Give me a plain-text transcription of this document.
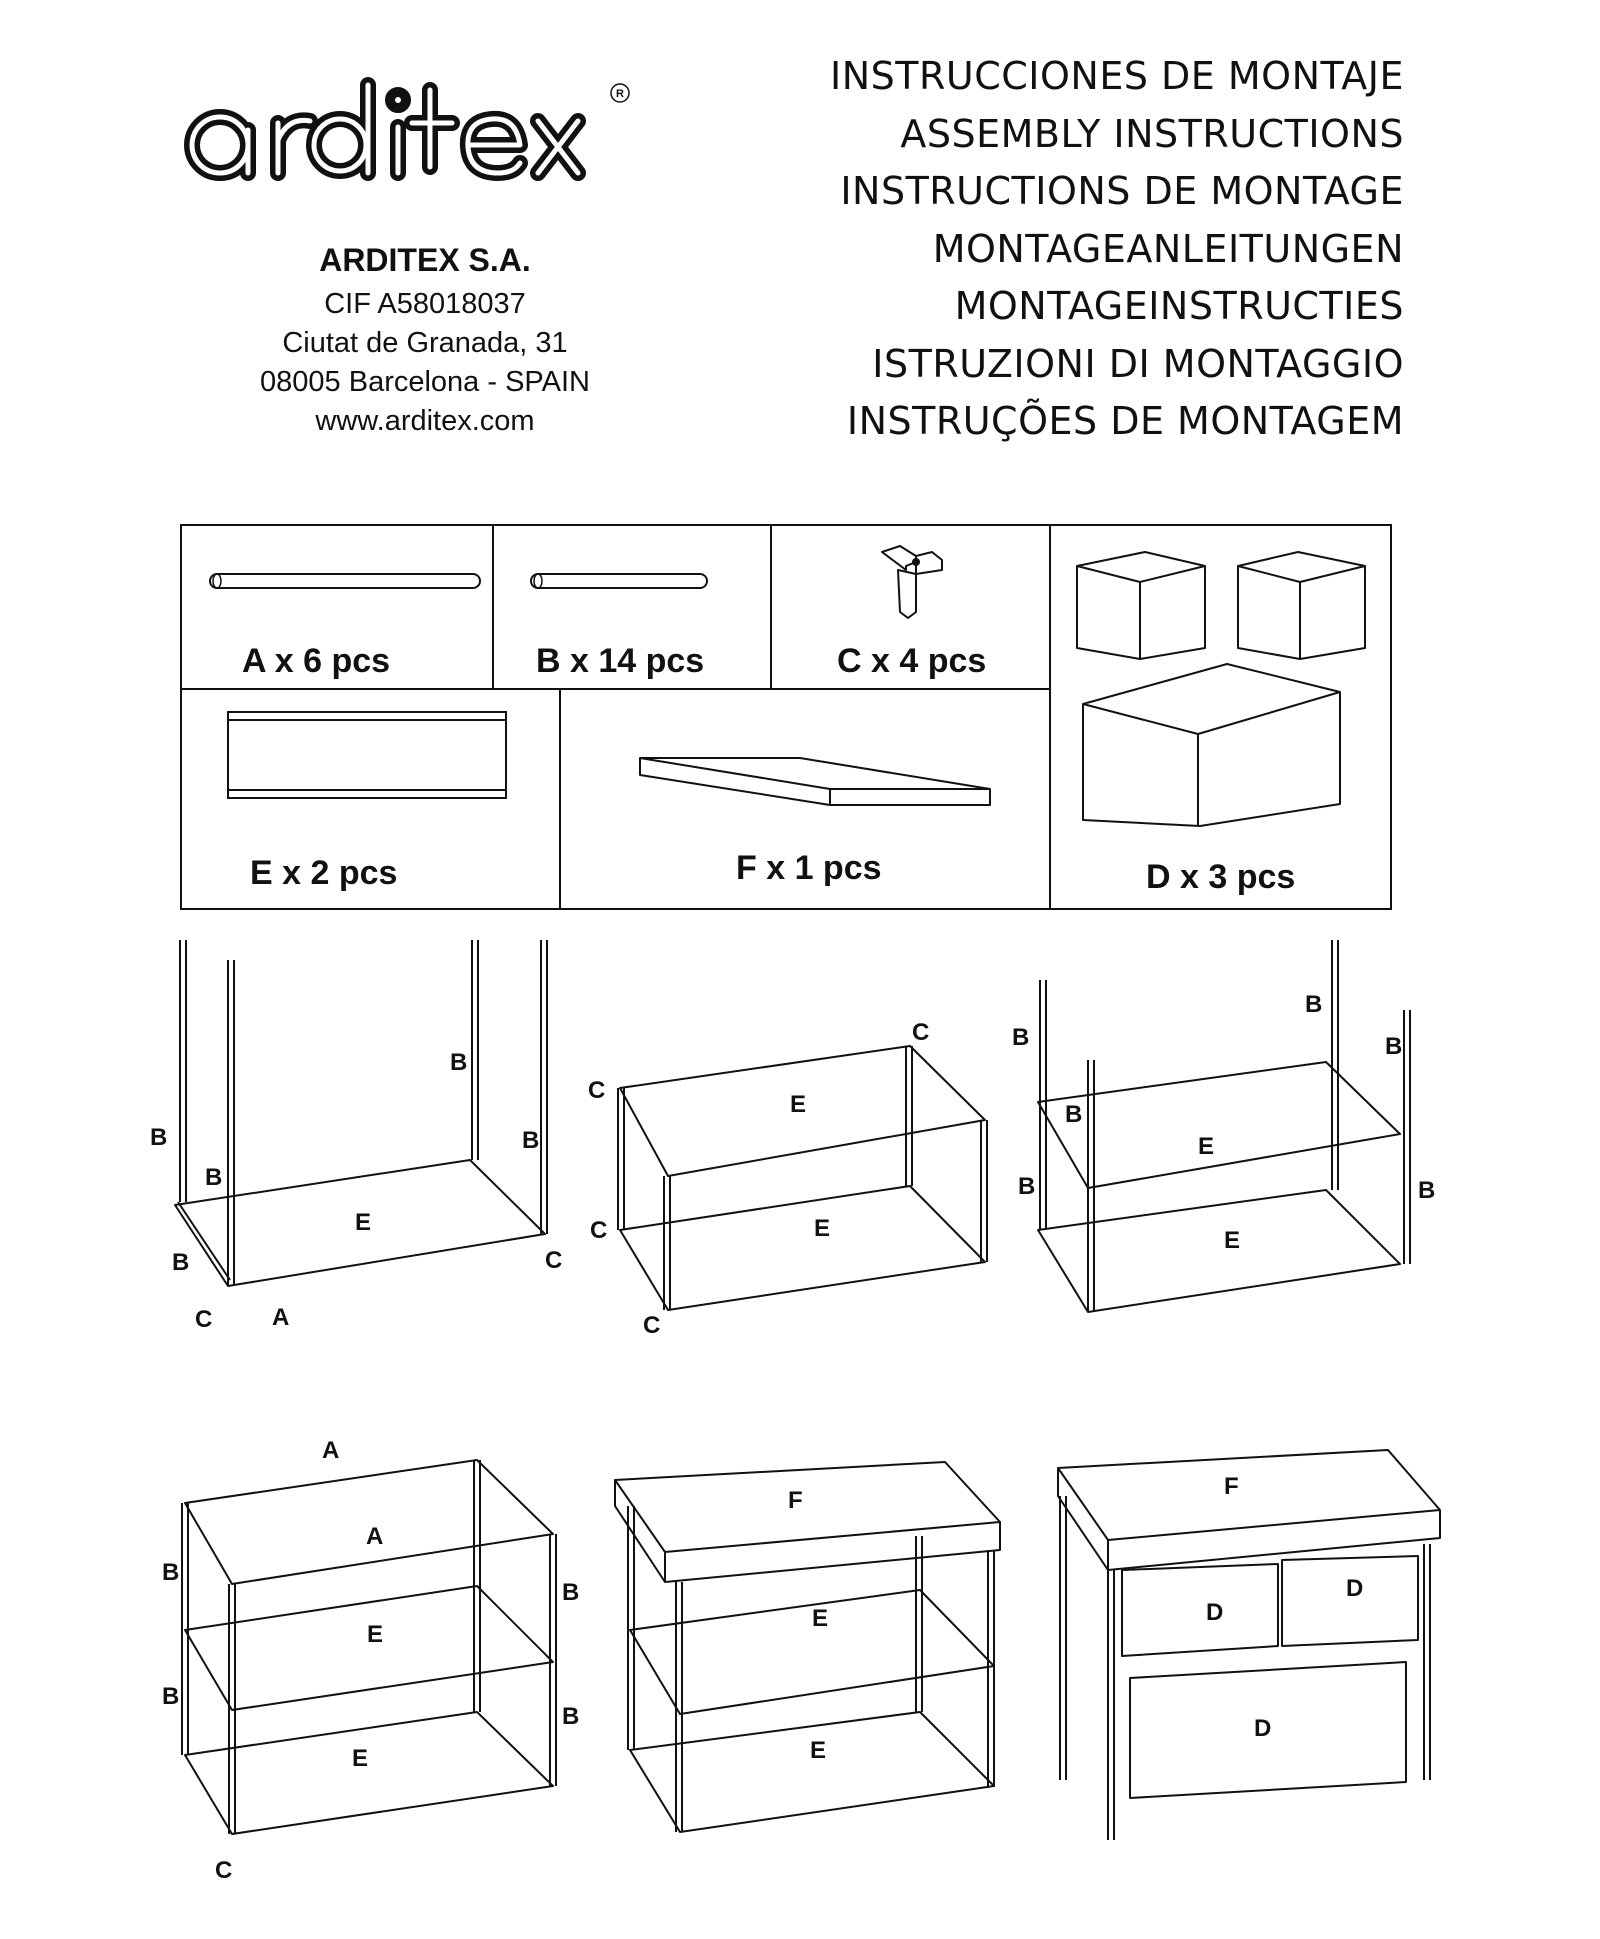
R
ARDITEX S.A.
CIF A58018037
Ciutat de Granada, 31
08005 Barcelona - SPAIN
www.arditex.com
INSTRUCCIONES DE MONTAJE
ASSEMBLY INSTRUCTIONS
INSTRUCTIONS DE MONTAGE
MONTAGEANLEITUNGEN
MONTAGEINSTRUCTIES
ISTRUZIONI DI MONTAGGIO
INSTRUÇÕES DE MONTAGEM
A x 6 pcs	B x 14 pcs	C x 4 pcs
E x 2 pcs	F x 1 pcs	D x 3 pcs
B
B
B
B
B
E
C
C A
C
C
C
C
E
E
B
B
B
B
B	B
E
E
A
A
B
B
B
B
E
E
C
F
E
E
F
D
D
D
